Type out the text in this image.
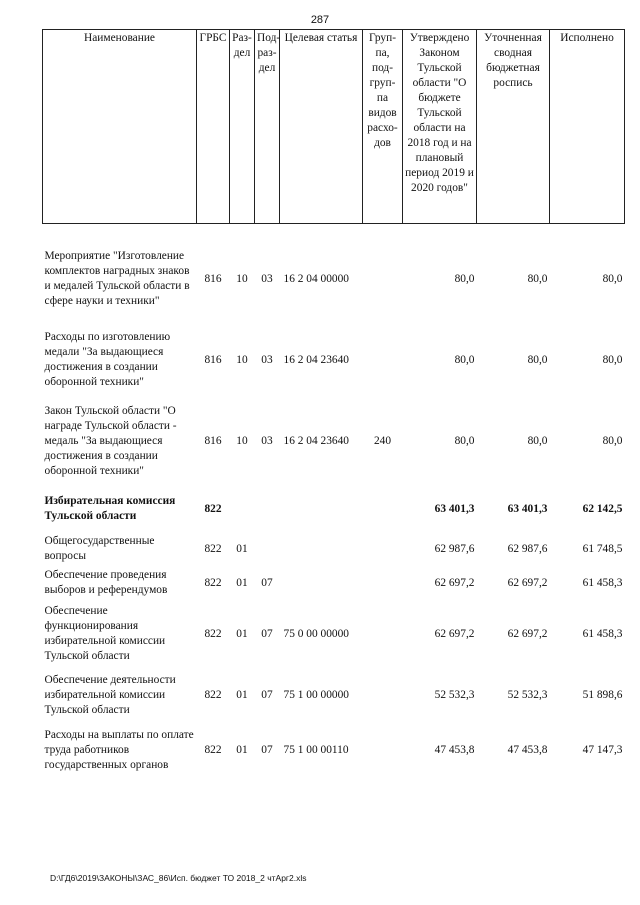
287
Наименование	ГРБС	Раз-дел	Под-раз-дел	Целевая статья	Груп-па, под-груп-па видов расхо-дов	Утверждено Законом Тульской области "О бюджете Тульской области на 2018 год и на плановый период 2019 и 2020 годов"	Уточненная сводная бюджетная роспись	Исполнено

Мероприятие "Изготовление комплектов наградных знаков и медалей Тульской области в сфере науки и техники"	816	10	03	16 2 04 00000		80,0	80,0	80,0
Расходы по изготовлению медали "За выдающиеся достижения в создании оборонной техники"	816	10	03	16 2 04 23640		80,0	80,0	80,0
Закон Тульской области "О награде Тульской области - медаль "За выдающиеся достижения в создании оборонной техники"	816	10	03	16 2 04 23640	240	80,0	80,0	80,0
Избирательная комиссия Тульской области	822					63 401,3	63 401,3	62 142,5
Общегосударственные вопросы	822	01				62 987,6	62 987,6	61 748,5
Обеспечение проведения выборов и референдумов	822	01	07			62 697,2	62 697,2	61 458,3
Обеспечение функционирования избирательной комиссии Тульской области	822	01	07	75 0 00 00000		62 697,2	62 697,2	61 458,3
Обеспечение деятельности избирательной комиссии Тульской области	822	01	07	75 1 00 00000		52 532,3	52 532,3	51 898,6
Расходы на выплаты по оплате труда работников государственных органов	822	01	07	75 1 00 00110		47 453,8	47 453,8	47 147,3
D:\ГД6\2019\ЗАКОНЫ\ЗАС_86\Исп. бюджет ТО 2018_2 чтАрг2.xls
